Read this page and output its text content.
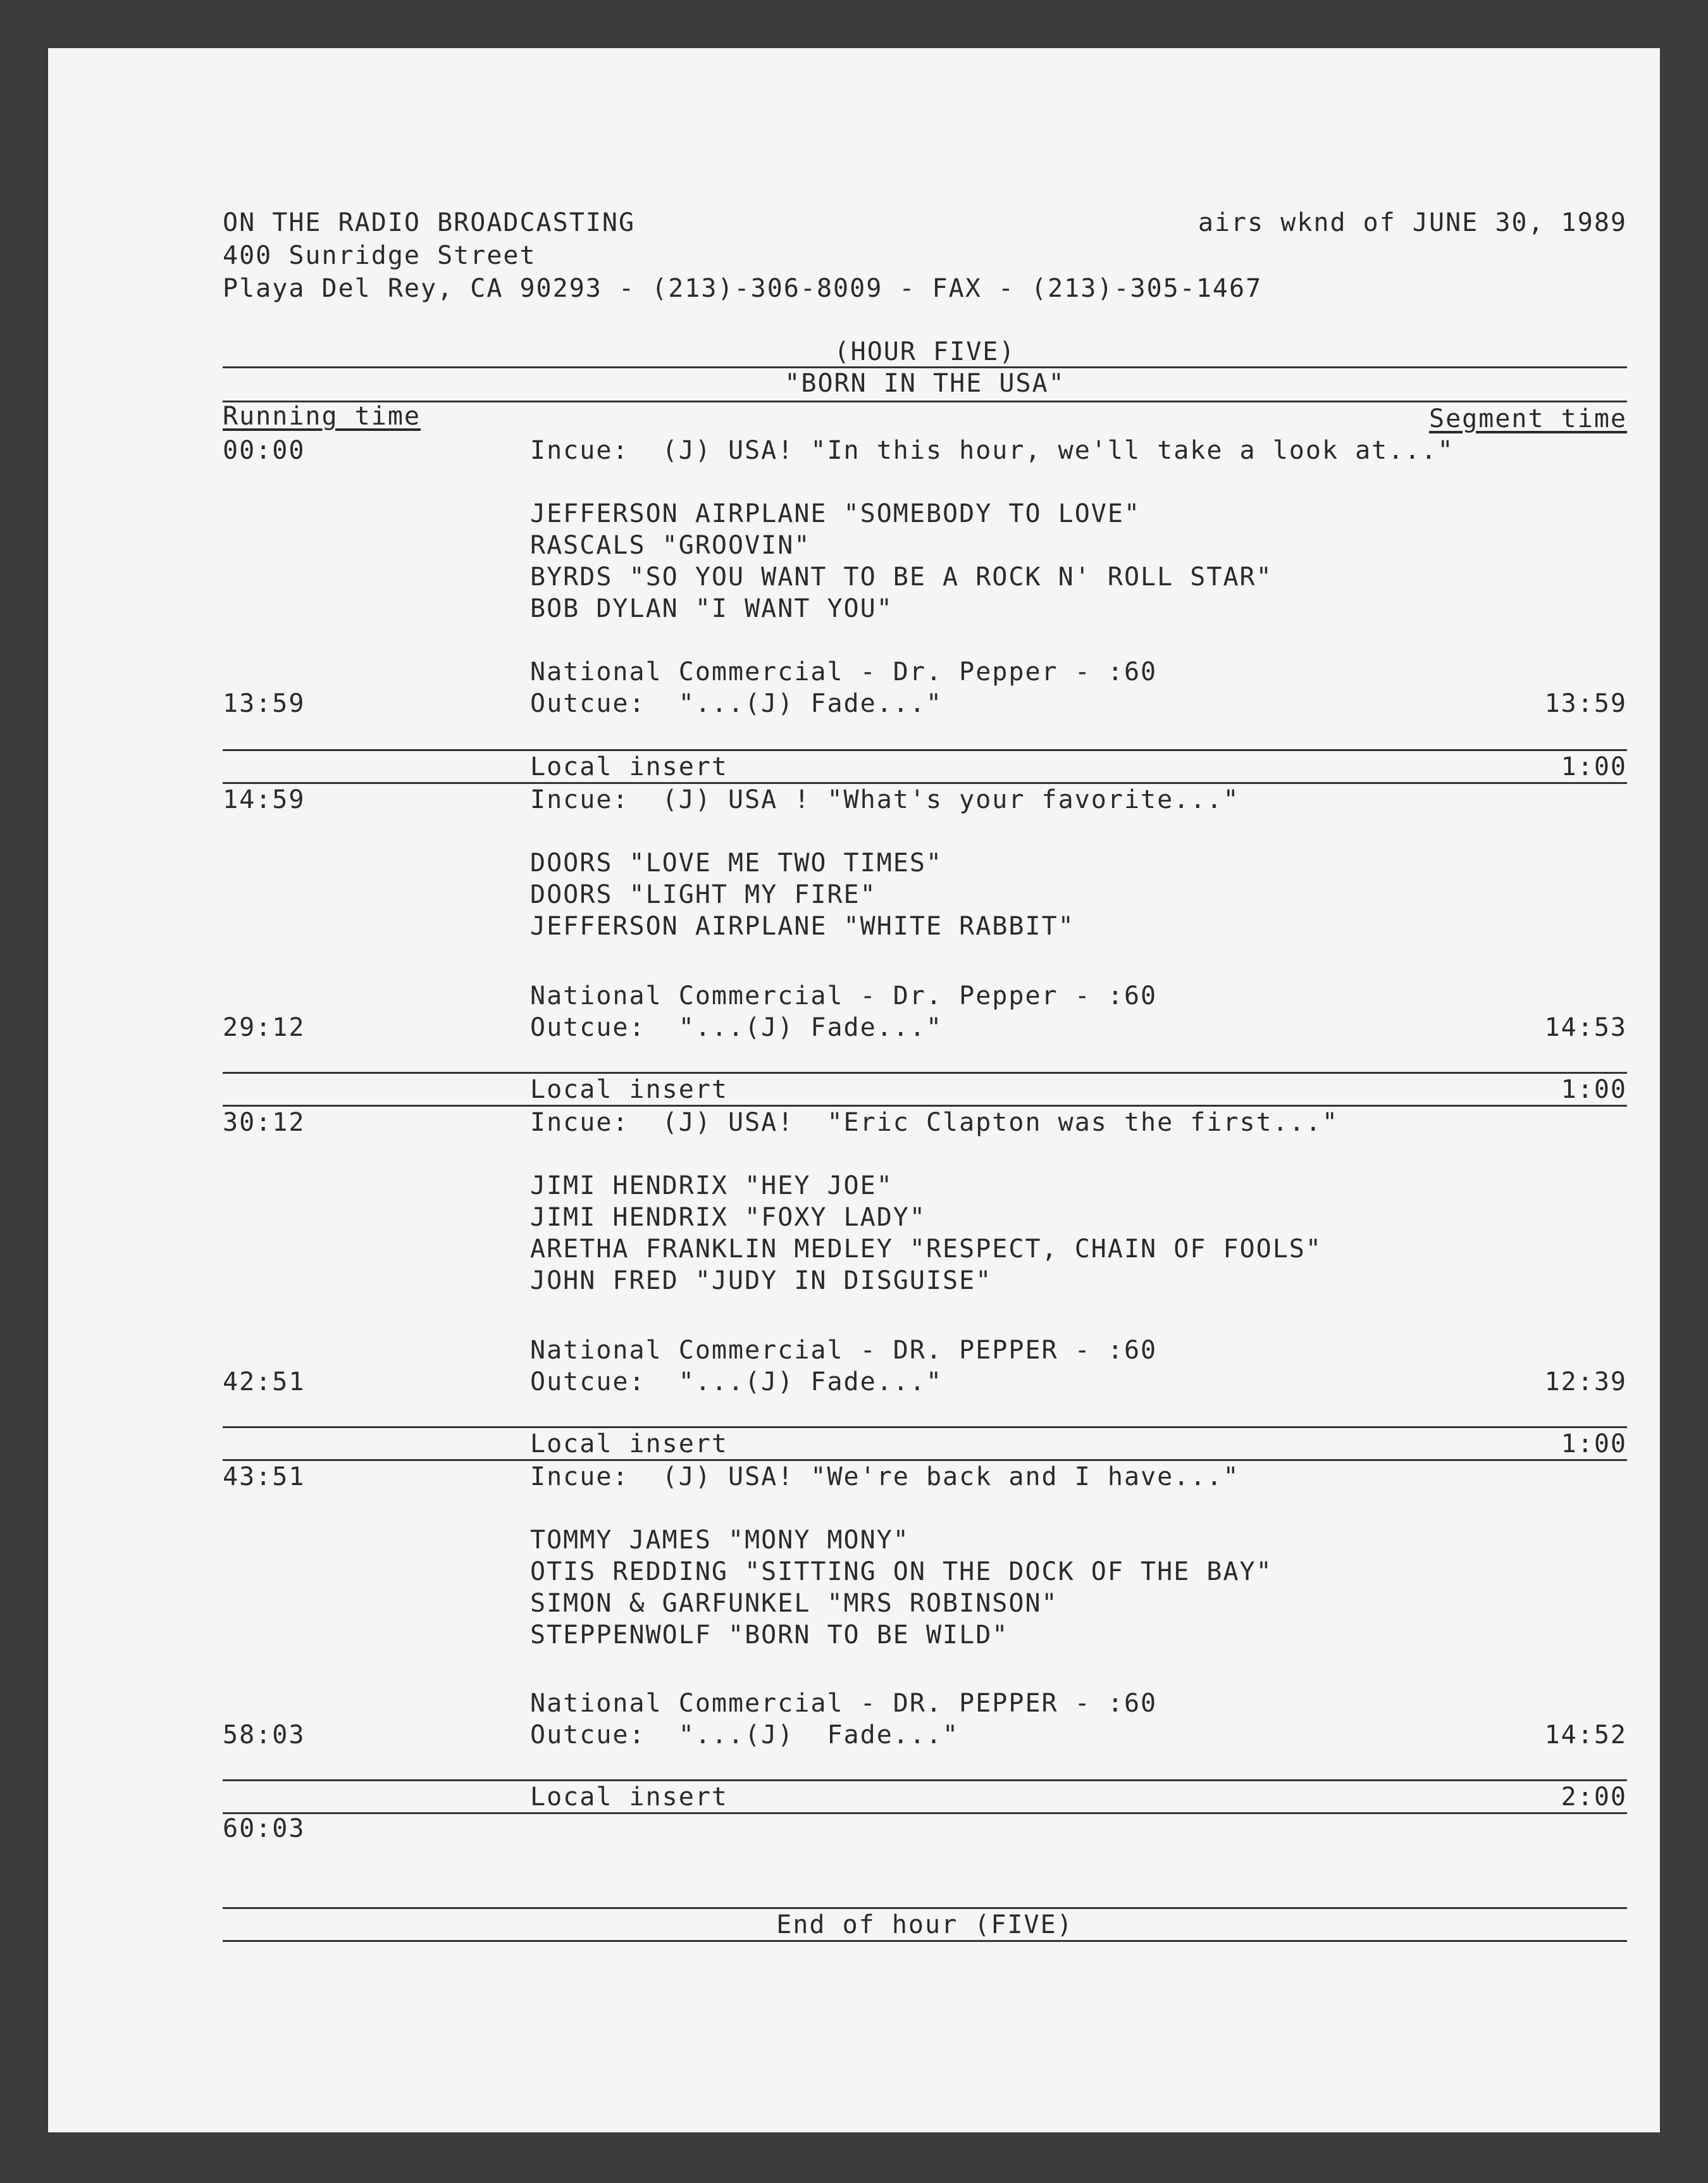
ON THE RADIO BROADCASTING	airs wknd of JUNE 30, 1989
400 Sunridge Street
Playa Del Rey, CA 90293 - (213)-306-8009 - FAX - (213)-305-1467
(HOUR FIVE)
"BORN IN THE USA"
Running time	Segment time
00:00	Incue:  (J) USA! "In this hour, we'll take a look at..."
JEFFERSON AIRPLANE "SOMEBODY TO LOVE"
RASCALS "GROOVIN"
BYRDS "SO YOU WANT TO BE A ROCK N' ROLL STAR"
BOB DYLAN "I WANT YOU"
National Commercial - Dr. Pepper - :60
13:59	Outcue:  "...(J) Fade..."	13:59
Local insert	1:00
14:59	Incue:  (J) USA ! "What's your favorite..."
DOORS "LOVE ME TWO TIMES"
DOORS "LIGHT MY FIRE"
JEFFERSON AIRPLANE "WHITE RABBIT"
National Commercial - Dr. Pepper - :60
29:12	Outcue:  "...(J) Fade..."	14:53
Local insert	1:00
30:12	Incue:  (J) USA!  "Eric Clapton was the first..."
JIMI HENDRIX "HEY JOE"
JIMI HENDRIX "FOXY LADY"
ARETHA FRANKLIN MEDLEY "RESPECT, CHAIN OF FOOLS"
JOHN FRED "JUDY IN DISGUISE"
National Commercial - DR. PEPPER - :60
42:51	Outcue:  "...(J) Fade..."	12:39
Local insert	1:00
43:51	Incue:  (J) USA! "We're back and I have..."
TOMMY JAMES "MONY MONY"
OTIS REDDING "SITTING ON THE DOCK OF THE BAY"
SIMON & GARFUNKEL "MRS ROBINSON"
STEPPENWOLF "BORN TO BE WILD"
National Commercial - DR. PEPPER - :60
58:03	Outcue:  "...(J)  Fade..."	14:52
Local insert	2:00
60:03
End of hour (FIVE)
